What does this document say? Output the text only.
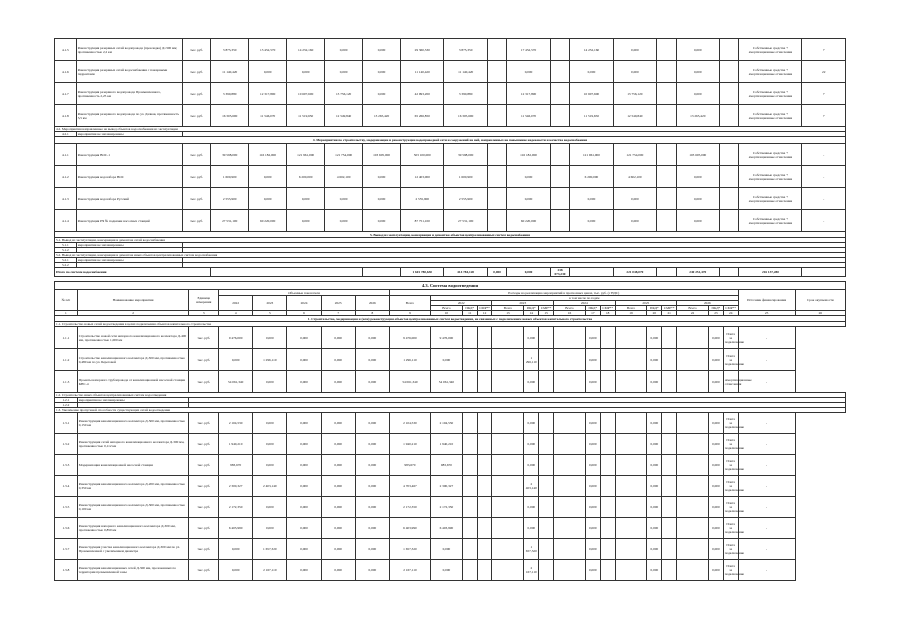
4.1.5	Реконструкция резервных сетей водопровода (прокладка) Д=300 мм; протяженностью 2,2 км	тыс. руб.	3 875,350	13 452,570	14 232,160	0,000	0,000	29 360,330	3 875,350		17 452,570		14 232,160	0,000		0,000		Собственные средства + амортизационные отчисления	7
4.1.6	Реконструкция резервных сетей водоснабжения с пожарными гидрантами	тыс. руб.	11 140,420	0,000	0,000	0,000	0,000	11 140,420	11 140,420		0,000		0,000	0,000		0,000		Собственные средства + амортизационные отчисления	22
4.1.7	Реконструкция резервного водопровода Промышленного, протяженность 2,25 км	тыс. руб.	3 390,880	12 317,890	10 607,600	13 756,120	0,000	42 993,200	3 390,880		12 317,890		10 607,600	13 756,120		0,000		Собственные средства + амортизационные отчисления	7
4.1.8	Реконструкция резервного водопровода по ул. Дачная, протяженность 3,5 км	тыс. руб.	16 305,690	11 546,070	11 519,650	12 549,840	13 265,420	65 266,850	16 305,690		11 546,070		11 519,650	12 549,840		13 265,420		Собственные средства + амортизационные отчисления	7
4.2. Мероприятия направленные на вывод объектов водоснабжения из эксплуатации																			
4.2.1	мероприятия не запланированы																		
4. Мероприятия по строительству, модернизации и реконструкции водопроводной сети и сооружений на ней, направленных на повышение надежности и качества водоснабжения																			
4.1.1	Реконструкция ВОС-1	тыс. руб.	39 598,000	116 182,000	121 961,000	121 754,000	103 605,000	503 100,000	39 598,000		116 182,000		121 961,000	121 754,000		103 605,000		Собственные средства + амортизационные отчисления	-
4.1.2	Реконструкция водозабора ВОС	тыс. руб.	1 600,900	0,000	6 200,000	4 602,100	0,000	12 403,000	1 600,900		0,000		6 200,000	4 602,100		0,000		Собственные средства + амортизационные отчисления	-
4.1.3	Реконструкция водозабора Русский	тыс. руб.	2 555,900	0,000	0,000	0,000	0,000	2 555,900	2 555,900		0,000		0,000	0,000		0,000		Собственные средства + амортизационные отчисления	-
4.1.4	Реконструкция РЧ № подкачки насосных станций	тыс. руб.	27 531,100	60 220,000	0,000	0,000	0,000	87 751,100	27 531,100		60 220,000		0,000	0,000		0,000		Собственные средства + амортизационные отчисления	-
5. Вывод из эксплуатации, консервация и демонтаж объектов централизованных систем водоснабжения																			
5.1. Вывод из эксплуатации, консервация и демонтаж сетей водоснабжения																			
5.1.1	мероприятия не запланированы																		
5.1.2																			
5.2. Вывод из эксплуатации, консервация и демонтаж иных объектов централизованных систем водоснабжения																			
5.2.1	мероприятия не запланированы																		
5.2.2																			
Итого по системе водоснабжения								1 601 780,630	414 784,120	0,000	0,000	238 073,230		221 048,070		240 251,470		216 137,280	
4.3. Система водоотведения																									
№ п/п	Наименование мероприятия	Единица измерения	Объемные показатели					Расходы на реализацию мероприятий в прогнозных ценах, тыс. руб. (с НДС)																Источник финансирования	Срок окупаемости
			2022	2023	2024	2025	2026	Всего	в том числе по годам																
									2022			2023			2024			2025			2026				
									Всего	ПКД*	СМР**	Всего	ПКД*	СМР**	Всего	ПКД*	СМР**	Всего	ПКД*	СМР**	Всего	ПКД*	СМР**		
1	2	3	4	5	6	7	8	9	10	11	12	13	14	15	16	17	18	19	20	21	22	23	24	25	26
1. Строительство, модернизация и (или) реконструкция объектов централизованных систем водоотведения, не связанных с подключением новых объектов капитального строительства																									
1.1. Строительство новых сетей водоотведения в целях подключения объектов капитального строительства																									
1.1.1	Строительство новой сети напорного канализационного коллектора Д-400 мм, протяженностью 1,000 км	тыс. руб.	9 476,000	0,000	0,000	0,000	0,000	9 476,000	9 476,000				0,000			0,000			0,000			0,000	Плата за подключение	-	
1.1.2	Строительство канализационного коллектора Д-300 мм, протяженностью 0,480 км по ул. Береговой	тыс. руб.	0,000	1 296,110	0,000	0,000	0,000	1 296,110	0,000				1 296,110			0,000			0,000			0,000	Плата за подключение	-	
1.1.3	Проекты напорного трубопровода от канализационной насосной станции КНС-4	тыс. руб.	54 061,340	0,000	0,000	0,000	0,000	54 061,340	54 061,340				0,000			0,000			0,000			0,000	Амортизационные отчисления	-	
1.2. Строительство иных объектов централизованных систем водоотведения																									
1.2.1	мероприятия не запланированы																								
1.2.2																									
1.3. Увеличение пропускной способности существующих сетей водоотведения																									
1.3.1	Реконструкция канализационного коллектора Д-500 мм, протяженностью 0,150 км	тыс. руб.	2 104,530	0,000	0,000	0,000	0,000	2 104,530	2 104,530				0,000			0,000			0,000			0,000	Плата за подключение	-	
1.3.2	Реконструкция сетей напорного канализационного коллектора Д-300 мм, протяженностью 0,112 км	тыс. руб.	1 940,210	0,000	0,000	0,000	0,000	1 940,210	1 940,210				0,000			0,000			0,000			0,000	Плата за подключение	-	
1.3.3	Модернизация канализационной насосной станции	тыс. руб.	983,670	0,000	0,000	0,000	0,000	983,670	983,670				0,000			0,000			0,000			0,000	Плата за подключение	-	
1.3.4	Реконструкция канализационного коллектора Д-200 мм, протяженностью 0,350 км	тыс. руб.	2 300,327	2 403,140	0,000	0,000	0,000	4 703,467	2 300,327				2 403,140			0,000			0,000			0,000	Плата за подключение	-	
1.3.5	Реконструкция канализационного коллектора Д-300 мм, протяженностью 0,100 км	тыс. руб.	2 172,350	0,000	0,000	0,000	0,000	2 172,350	2 172,350				0,000			0,000			0,000			0,000	Плата за подключение	-	
1.3.6	Реконструкция напорного канализационного коллектора Д-300 мм, протяженностью 0,850 км	тыс. руб.	6 403,990	0,000	0,000	0,000	0,000	6 403,990	6 403,990				0,000			0,000			0,000			0,000	Плата за подключение	-	
1.3.7	Реконструкция участка канализационного коллектора Д-300 мм по ул. Промышленной с увеличением диаметра	тыс. руб.	0,000	1 657,320	0,000	0,000	0,000	1 657,320	0,000				1 657,320			0,000			0,000			0,000	Плата за подключение	-	
1.3.8	Реконструкция канализационных сетей Д-300 мм, проложенных по территории промышленной зоны	тыс. руб.	0,000	2 167,110	0,000	0,000	0,000	2 167,110	0,000				2 167,110			0,000			0,000			0,000	Плата за подключение	-	
